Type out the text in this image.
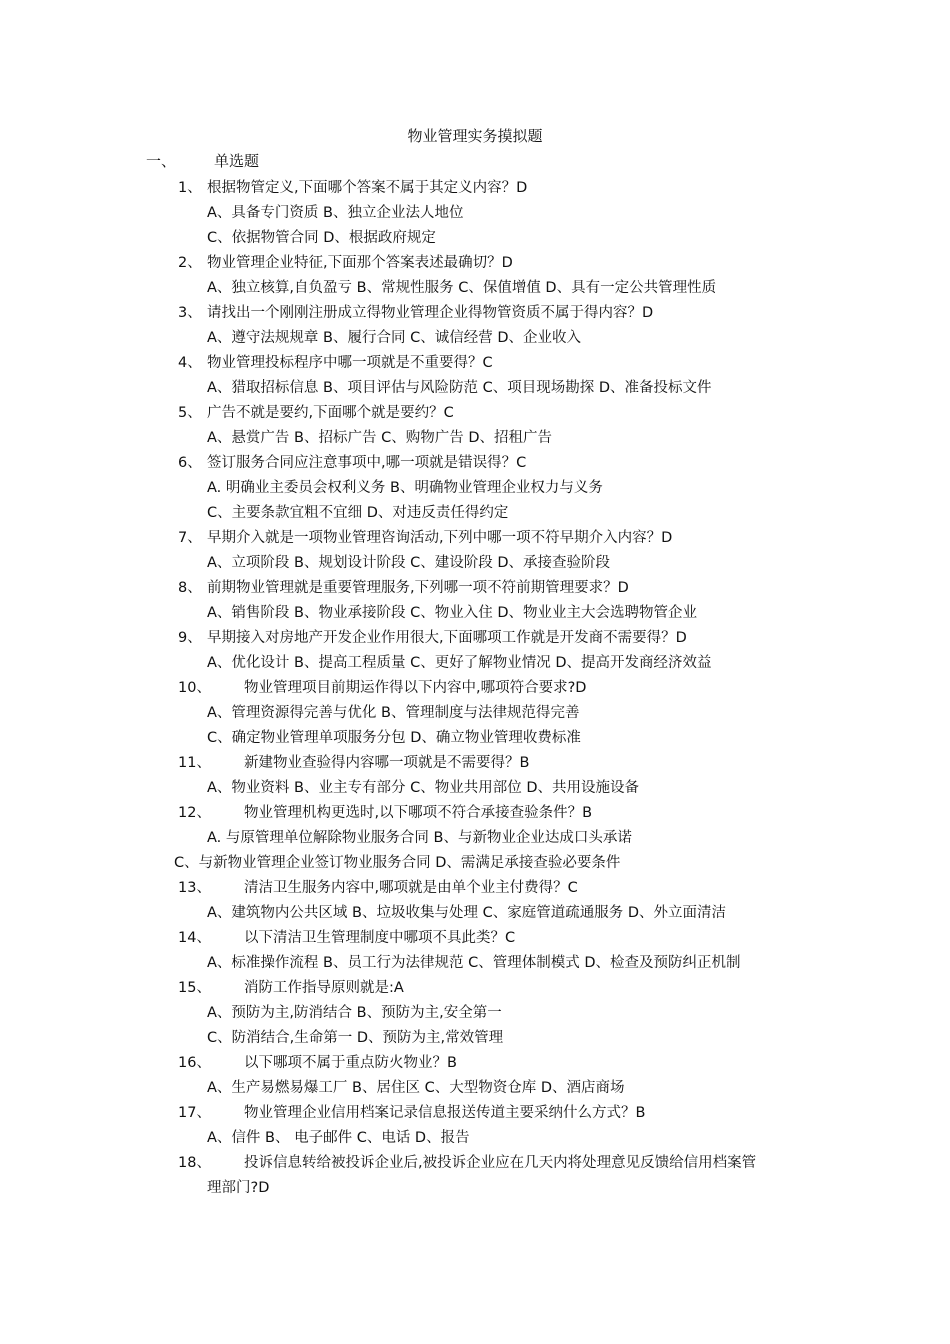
物业管理实务摸拟题
一、	单选题
1、 根据物管定义,下面哪个答案不属于其定义内容？D
A、具备专门资质 B、独立企业法人地位
C、依据物管合同 D、根据政府规定
2、 物业管理企业特征,下面那个答案表述最确切？D
A、独立核算,自负盈亏 B、常规性服务 C、保值增值 D、具有一定公共管理性质
3、 请找出一个刚刚注册成立得物业管理企业得物管资质不属于得内容？D
A、遵守法规规章 B、履行合同 C、诚信经营 D、企业收入
4、 物业管理投标程序中哪一项就是不重要得？C
A、猎取招标信息 B、项目评估与风险防范 C、项目现场勘探 D、准备投标文件
5、 广告不就是要约,下面哪个就是要约？C
A、悬赏广告 B、招标广告 C、购物广告 D、招租广告
6、 签订服务合同应注意事项中,哪一项就是错误得？C
A. 明确业主委员会权利义务 B、明确物业管理企业权力与义务
C、主要条款宜粗不宜细 D、对违反责任得约定
7、 早期介入就是一项物业管理咨询活动,下列中哪一项不符早期介入内容？D
A、立项阶段 B、规划设计阶段 C、建设阶段 D、承接查验阶段
8、 前期物业管理就是重要管理服务,下列哪一项不符前期管理要求？D
A、销售阶段 B、物业承接阶段 C、物业入住 D、物业业主大会选聘物管企业
9、 早期接入对房地产开发企业作用很大,下面哪项工作就是开发商不需要得？D
A、优化设计 B、提高工程质量 C、更好了解物业情况 D、提高开发商经济效益
10、 物业管理项目前期运作得以下内容中,哪项符合要求?D
A、管理资源得完善与优化 B、管理制度与法律规范得完善
C、确定物业管理单项服务分包 D、确立物业管理收费标准
11、 新建物业查验得内容哪一项就是不需要得？B
A、物业资料 B、业主专有部分 C、物业共用部位 D、共用设施设备
12、 物业管理机构更选时,以下哪项不符合承接查验条件？B
A. 与原管理单位解除物业服务合同 B、与新物业企业达成口头承诺
C、与新物业管理企业签订物业服务合同 D、需满足承接查验必要条件
13、 清洁卫生服务内容中,哪项就是由单个业主付费得？C
A、建筑物内公共区域 B、垃圾收集与处理 C、家庭管道疏通服务 D、外立面清洁
14、 以下清洁卫生管理制度中哪项不具此类？C
A、标准操作流程 B、员工行为法律规范 C、管理体制模式 D、检查及预防纠正机制
15、 消防工作指导原则就是:A
A、预防为主,防消结合 B、预防为主,安全第一
C、防消结合,生命第一 D、预防为主,常效管理
16、 以下哪项不属于重点防火物业？B
A、生产易燃易爆工厂 B、居住区 C、大型物资仓库 D、酒店商场
17、 物业管理企业信用档案记录信息报送传道主要采纳什么方式？B
A、信件 B、 电子邮件 C、电话 D、报告
18、	投诉信息转给被投诉企业后,被投诉企业应在几天内将处理意见反馈给信用档案管理部门?D
